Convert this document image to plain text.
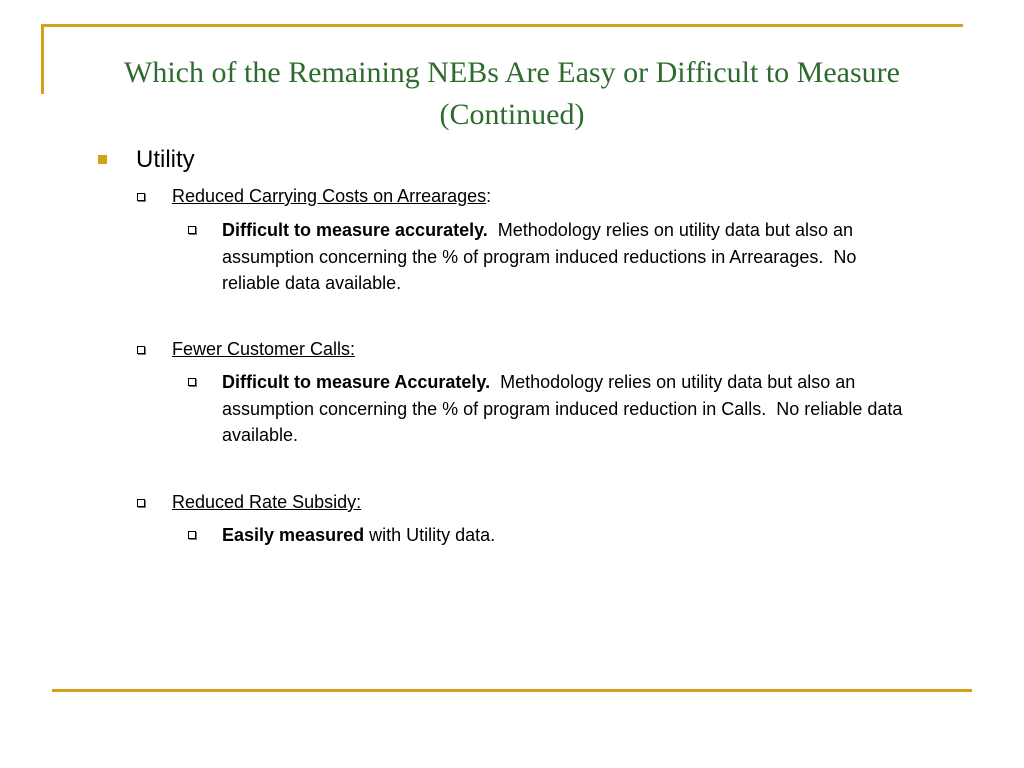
Which of the Remaining NEBs Are Easy or Difficult to Measure
(Continued)
Utility
Reduced Carrying Costs on Arrearages:
Difficult to measure accurately.  Methodology relies on utility data but also an assumption concerning the % of program induced reductions in Arrearages.  No reliable data available.
Fewer Customer Calls:
Difficult to measure Accurately.  Methodology relies on utility data but also an assumption concerning the % of program induced reduction in Calls.  No reliable data available.
Reduced Rate Subsidy:
Easily measured with Utility data.
